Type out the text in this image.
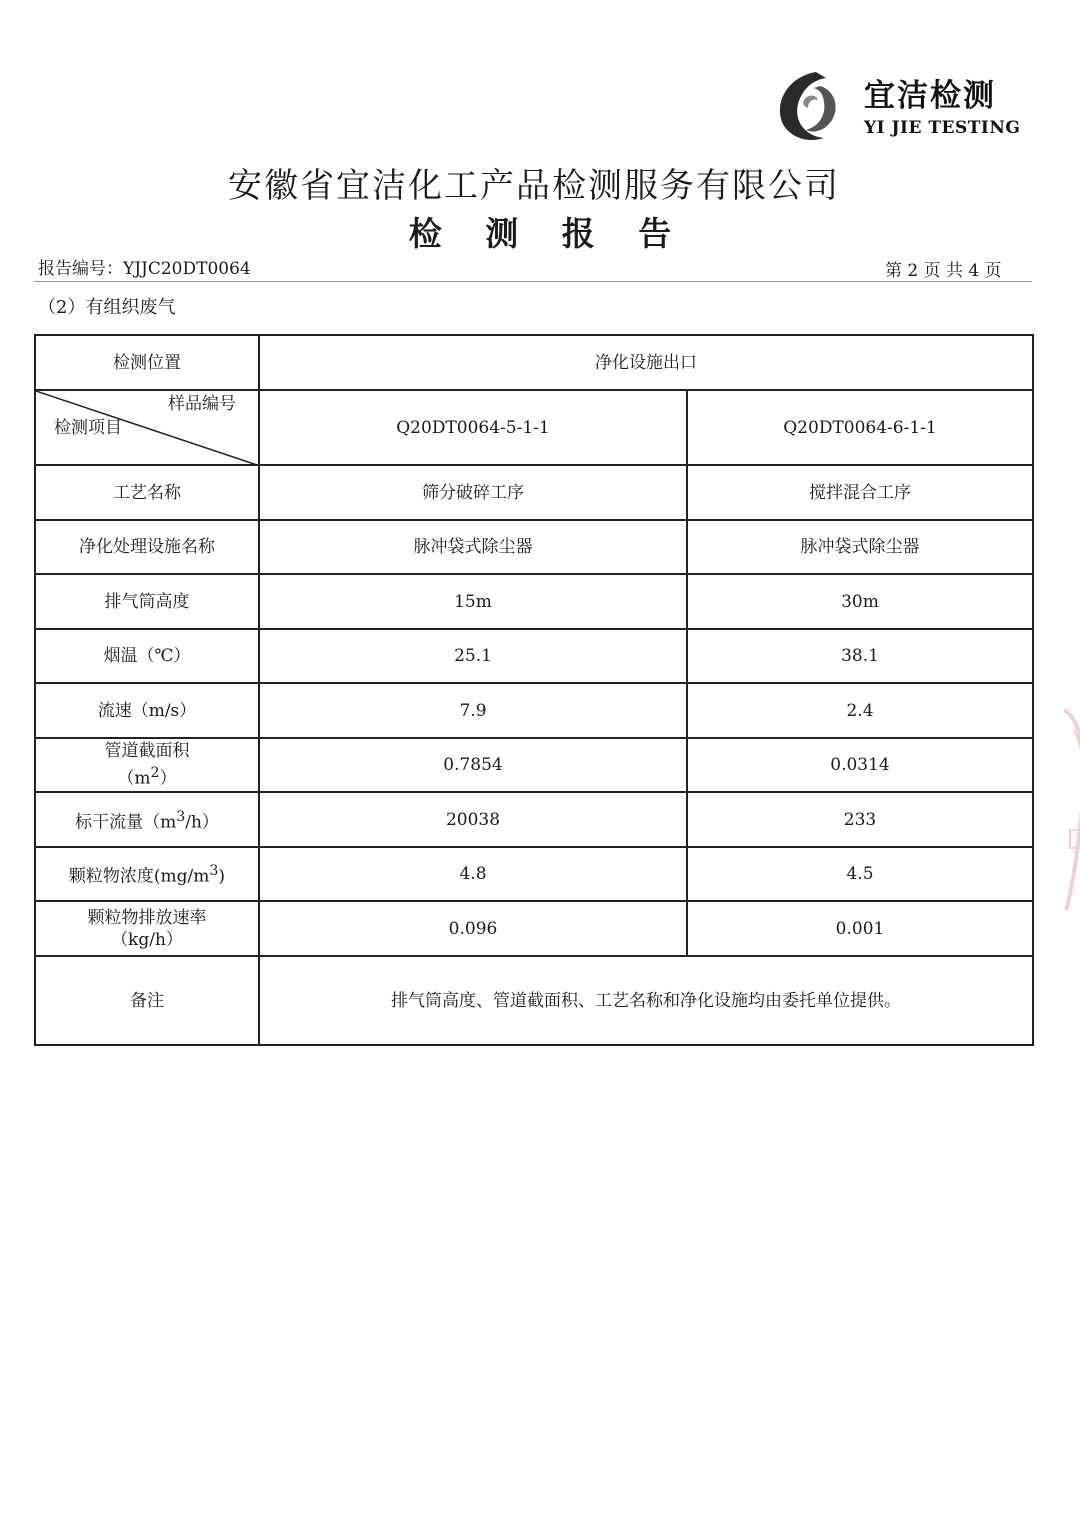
宜洁检测
YI JIE TESTING
安徽省宜洁化工产品检测服务有限公司
检 测 报 告
报告编号：YJJC20DT0064	第 2 页 共 4 页
（2）有组织废气
检测位置	净化设施出口	

样品编号
检测项目	Q20DT0064-5-1-1	Q20DT0064-6-1-1
工艺名称	筛分破碎工序	搅拌混合工序
净化处理设施名称	脉冲袋式除尘器	脉冲袋式除尘器
排气筒高度	15m	30m
烟温（℃）	25.1	38.1
流速（m/s）	7.9	2.4
管道截面积
$(m^2)$	0.7854	0.0314
标干流量$(m^3/h)$	20038	233
颗粒物浓度$(mg/m^3)$	4.8	4.5
颗粒物排放速率
（kg/h）	0.096	0.001
备注	排气筒高度、管道截面积、工艺名称和净化设施均由委托单位提供。	
